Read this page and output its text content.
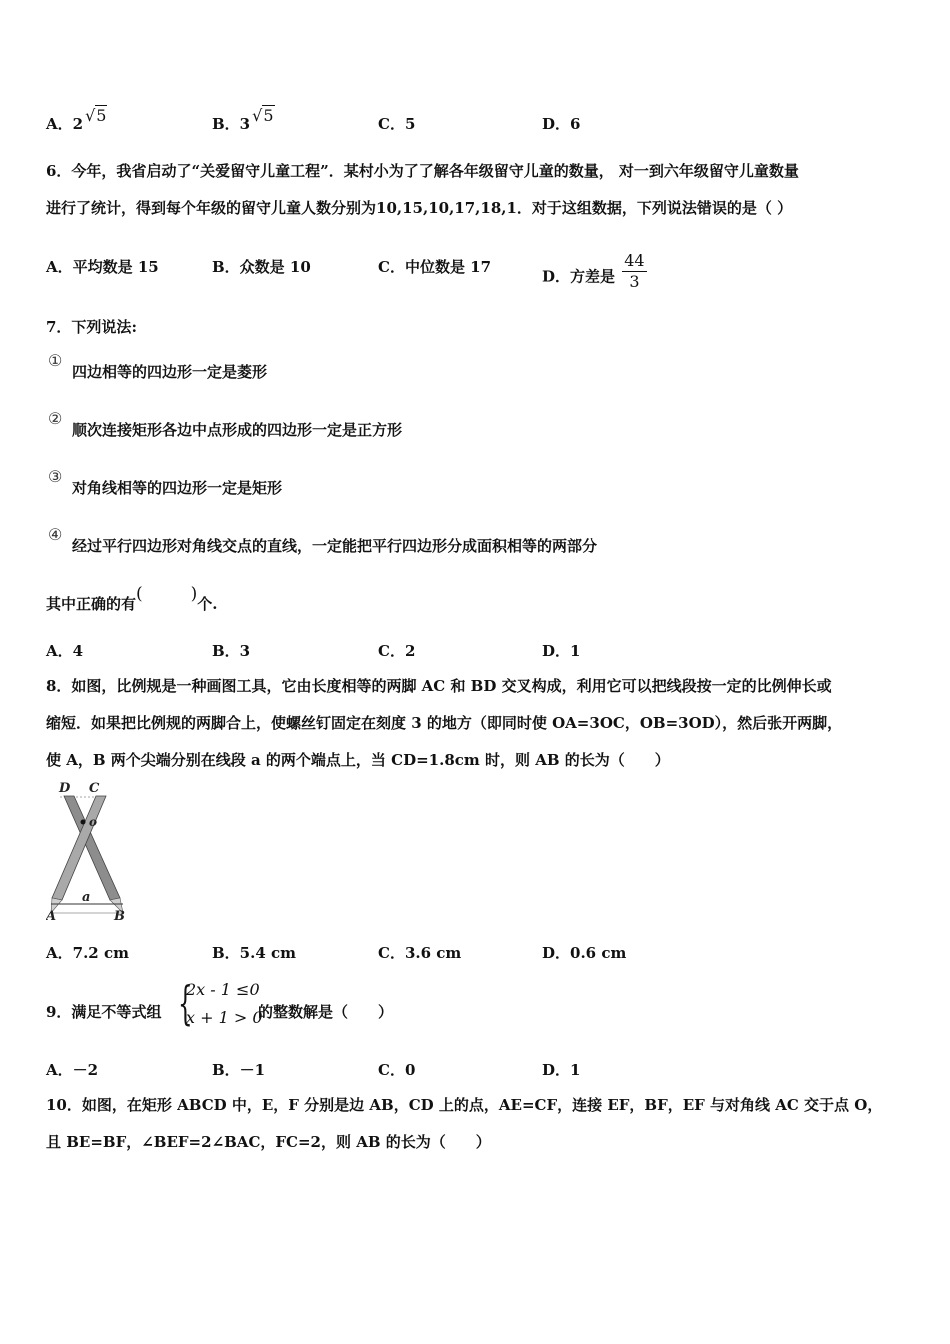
A．2 √5	B．3 √5	C．5	D．6
6．今年，我省启动了“关爱留守儿童工程”．某村小为了了解各年级留守儿童的数量， 对一到六年级留守儿童数量
进行了统计，得到每个年级的留守儿童人数分别为10,15,10,17,18,1．对于这组数据，下列说法错误的是（ ）
A．平均数是 15	B．众数是 10	C．中位数是 17
D．方差是 $\frac{44}{3}$
7．下列说法:
①
四边相等的四边形一定是菱形
②
顺次连接矩形各边中点形成的四边形一定是正方形
③
对角线相等的四边形一定是矩形
④
经过平行四边形对角线交点的直线，一定能把平行四边形分成面积相等的两部分
其中正确的有(	)个.
A．4	B．3	C．2	D．1
8．如图，比例规是一种画图工具，它由长度相等的两脚 AC 和 BD 交叉构成，利用它可以把线段按一定的比例伸长或
缩短．如果把比例规的两脚合上，使螺丝钉固定在刻度 3 的地方（即同时使 OA=3OC，OB=3OD），然后张开两脚，
使 A，B 两个尖端分别在线段 a 的两个端点上，当 CD=1.8cm 时，则 AB 的长为（　　）
D C
o
a
A	B
A．7.2 cm	B．5.4 cm	C．3.6 cm	D．0.6 cm
9．满足不等式组 {
2x - 1 ≤0
x + 1 > 0
的整数解是（　　）
A．－2	B．－1	C．0	D．1
10．如图，在矩形 ABCD 中，E，F 分别是边 AB，CD 上的点，AE=CF，连接 EF，BF，EF 与对角线 AC 交于点 O，
且 BE=BF，∠BEF=2∠BAC，FC=2，则 AB 的长为（　　）
